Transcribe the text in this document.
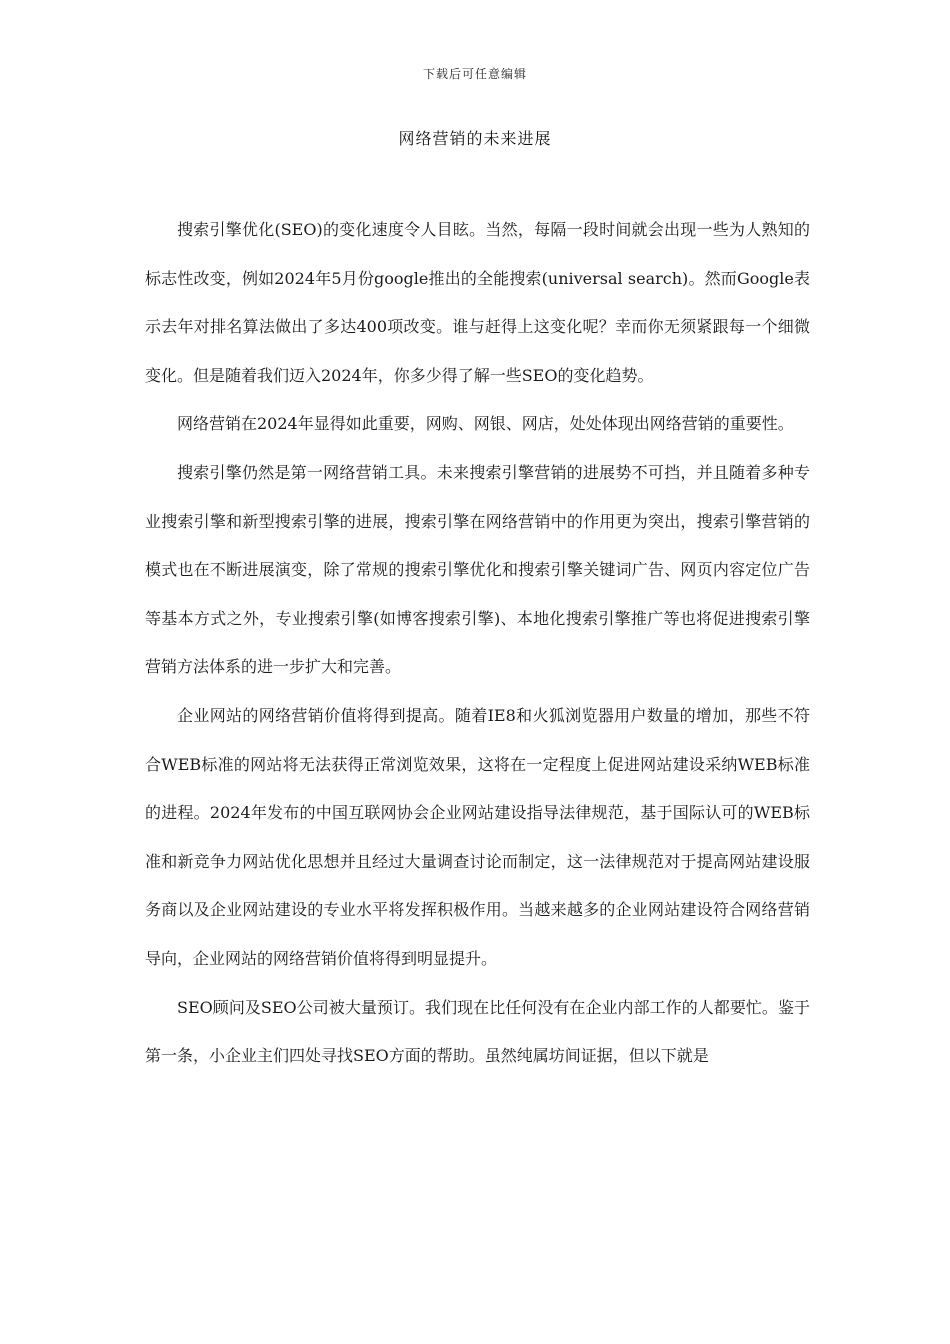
下载后可任意编辑
网络营销的未来进展

搜索引擎优化(SEO)的变化速度令人目眩。当然，每隔一段时间就会出现一些为人熟知的标志性改变，例如2024年5月份google推出的全能搜索(universal search)。然而Google表示去年对排名算法做出了多达400项改变。谁与赶得上这变化呢？幸而你无须紧跟每一个细微变化。但是随着我们迈入2024年，你多少得了解一些SEO的变化趋势。

网络营销在2024年显得如此重要，网购、网银、网店，处处体现出网络营销的重要性。

搜索引擎仍然是第一网络营销工具。未来搜索引擎营销的进展势不可挡，并且随着多种专业搜索引擎和新型搜索引擎的进展，搜索引擎在网络营销中的作用更为突出，搜索引擎营销的模式也在不断进展演变，除了常规的搜索引擎优化和搜索引擎关键词广告、网页内容定位广告等基本方式之外，专业搜索引擎(如博客搜索引擎)、本地化搜索引擎推广等也将促进搜索引擎营销方法体系的进一步扩大和完善。

企业网站的网络营销价值将得到提高。随着IE8和火狐浏览器用户数量的增加，那些不符合WEB标准的网站将无法获得正常浏览效果，这将在一定程度上促进网站建设采纳WEB标准的进程。2024年发布的中国互联网协会企业网站建设指导法律规范，基于国际认可的WEB标准和新竞争力网站优化思想并且经过大量调查讨论而制定，这一法律规范对于提高网站建设服务商以及企业网站建设的专业水平将发挥积极作用。当越来越多的企业网站建设符合网络营销导向，企业网站的网络营销价值将得到明显提升。

SEO顾问及SEO公司被大量预订。我们现在比任何没有在企业内部工作的人都要忙。鉴于第一条，小企业主们四处寻找SEO方面的帮助。虽然纯属坊间证据，但以下就是
